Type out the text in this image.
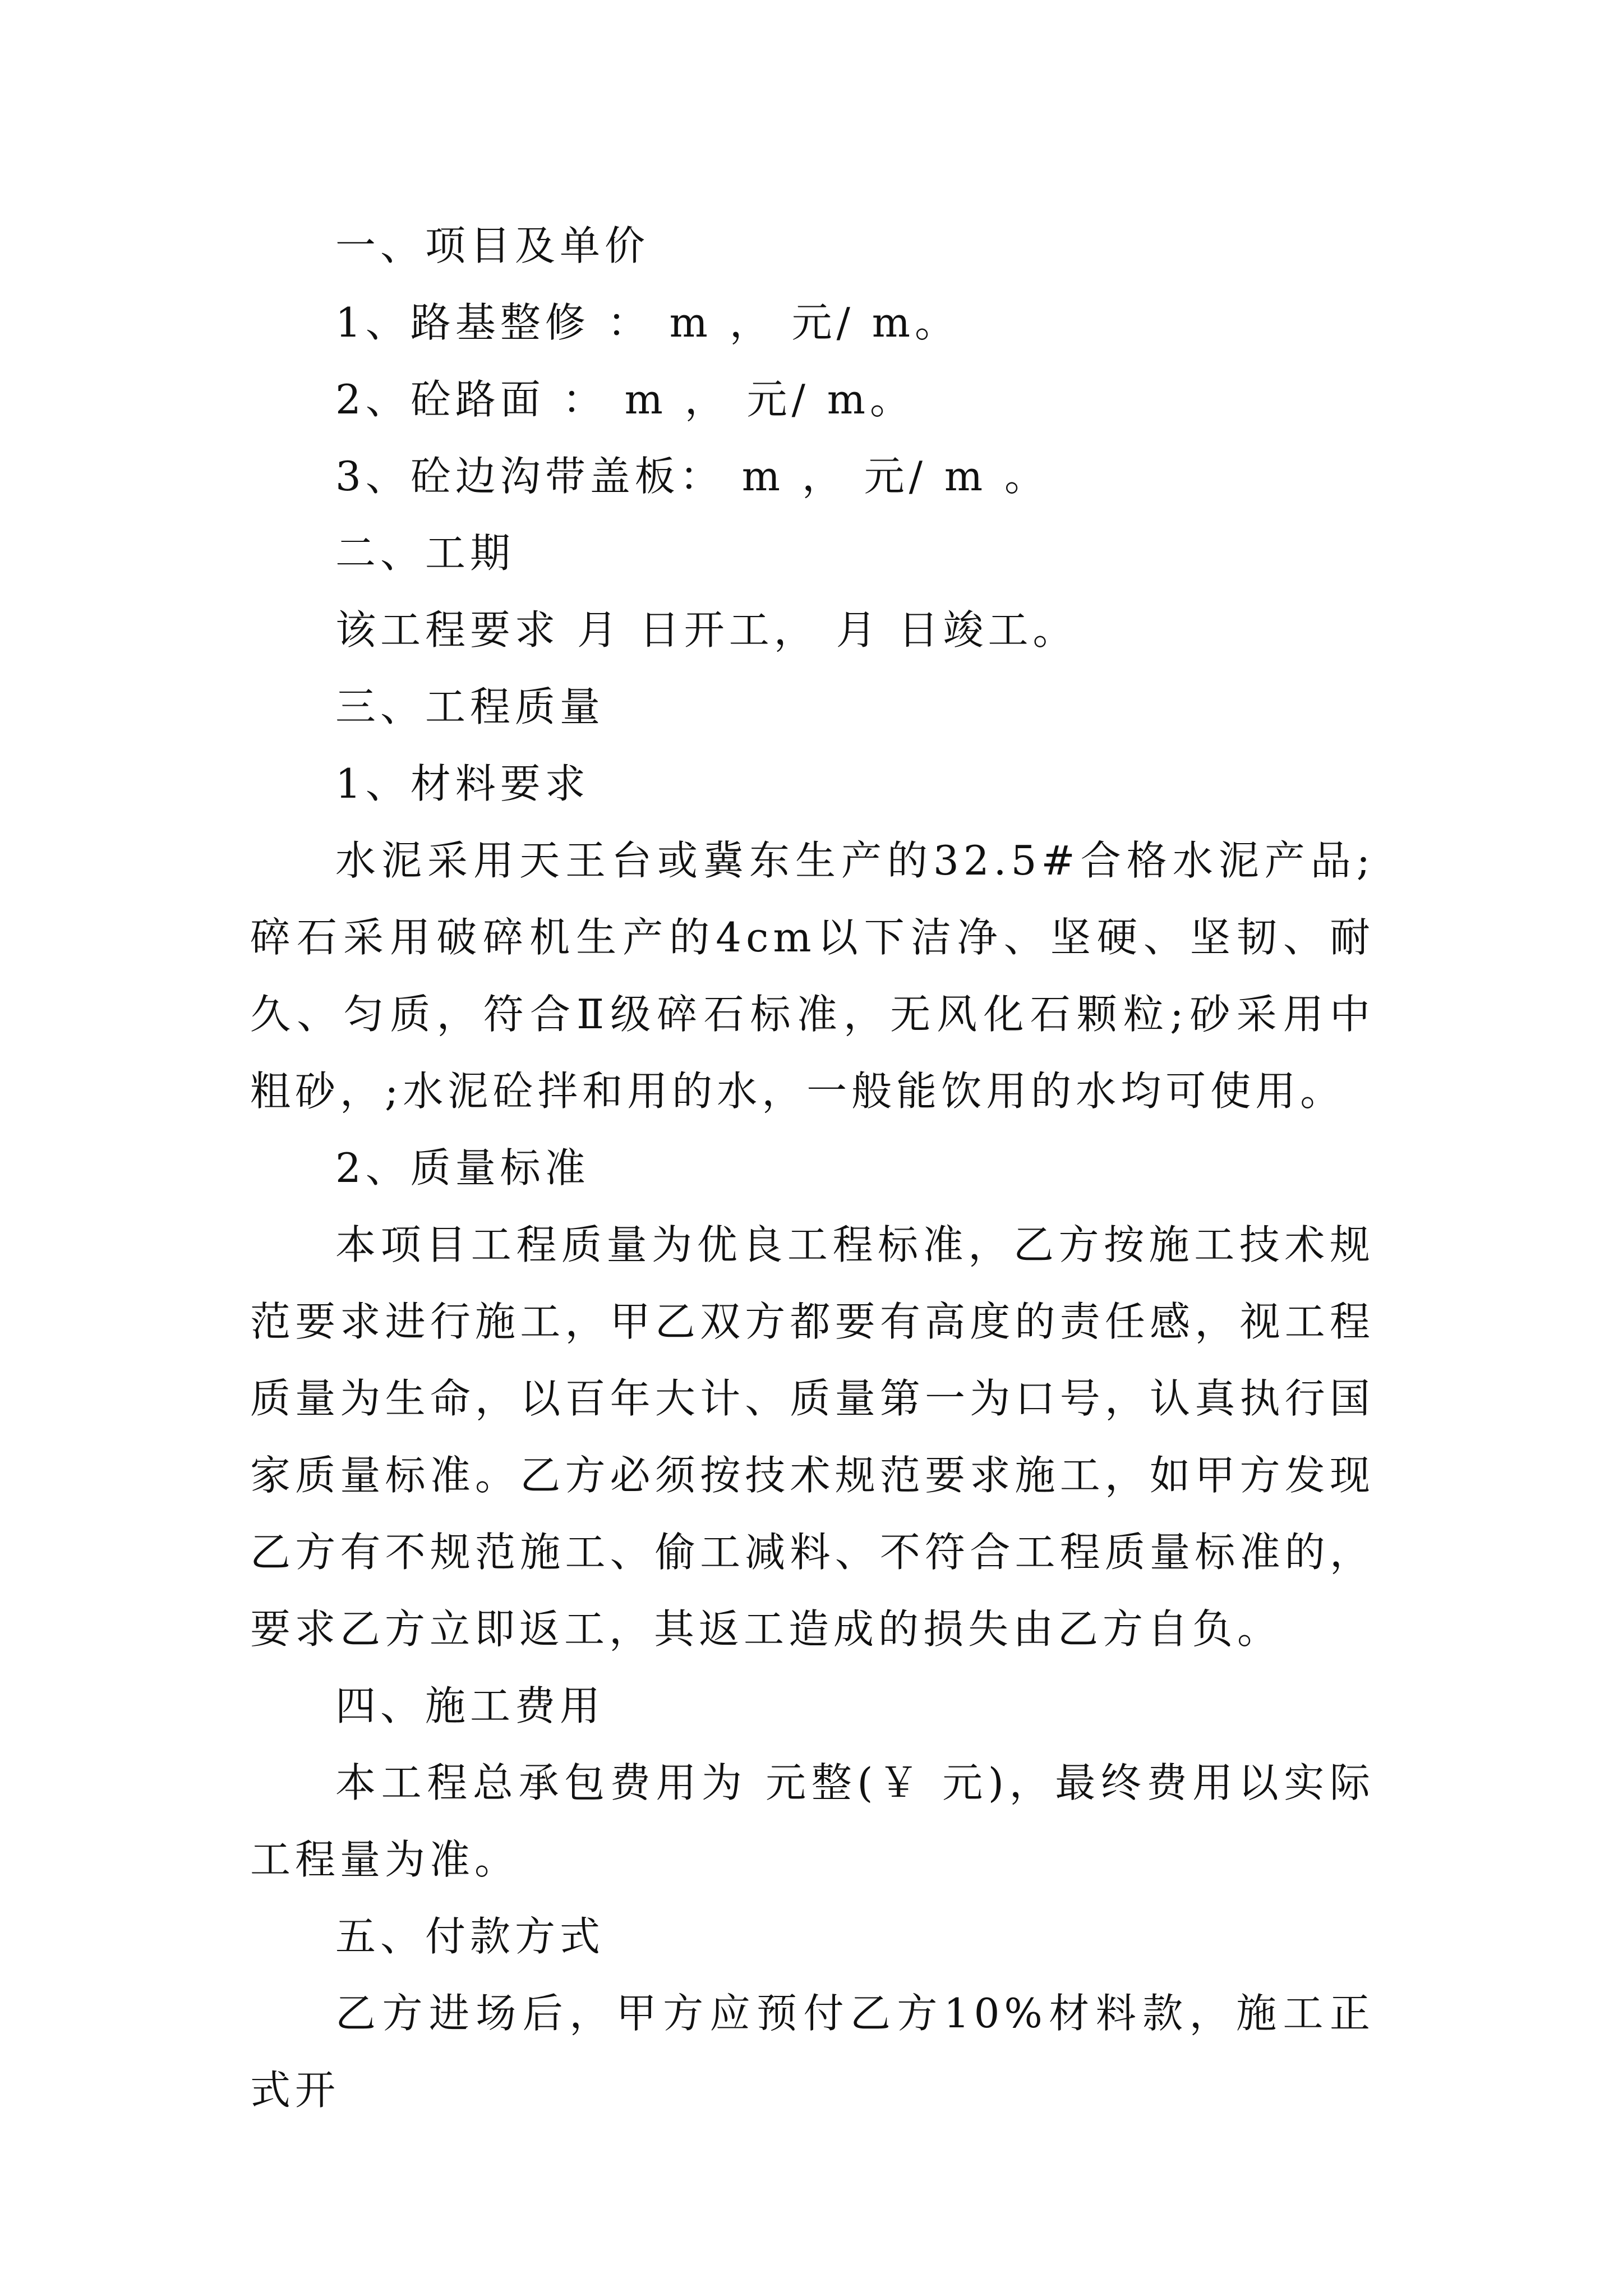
一、项目及单价

1、路基整修 ： m ， 元/ m。

2、砼路面 ： m ， 元/ m。

3、砼边沟带盖板： m ， 元/ m 。

二、工期

该工程要求 月 日开工， 月 日竣工。

三、工程质量

1、材料要求

水泥采用天王台或冀东生产的32.5#合格水泥产品;碎石采用破碎机生产的4cm以下洁净、坚硬、坚韧、耐久、匀质，符合Ⅱ级碎石标准，无风化石颗粒;砂采用中粗砂，;水泥砼拌和用的水，一般能饮用的水均可使用。

2、质量标准

本项目工程质量为优良工程标准，乙方按施工技术规范要求进行施工，甲乙双方都要有高度的责任感，视工程质量为生命，以百年大计、质量第一为口号，认真执行国家质量标准。乙方必须按技术规范要求施工，如甲方发现乙方有不规范施工、偷工减料、不符合工程质量标准的，要求乙方立即返工，其返工造成的损失由乙方自负。

四、施工费用

本工程总承包费用为 元整(￥ 元)，最终费用以实际工程量为准。

五、付款方式

乙方进场后，甲方应预付乙方10%材料款，施工正式开
